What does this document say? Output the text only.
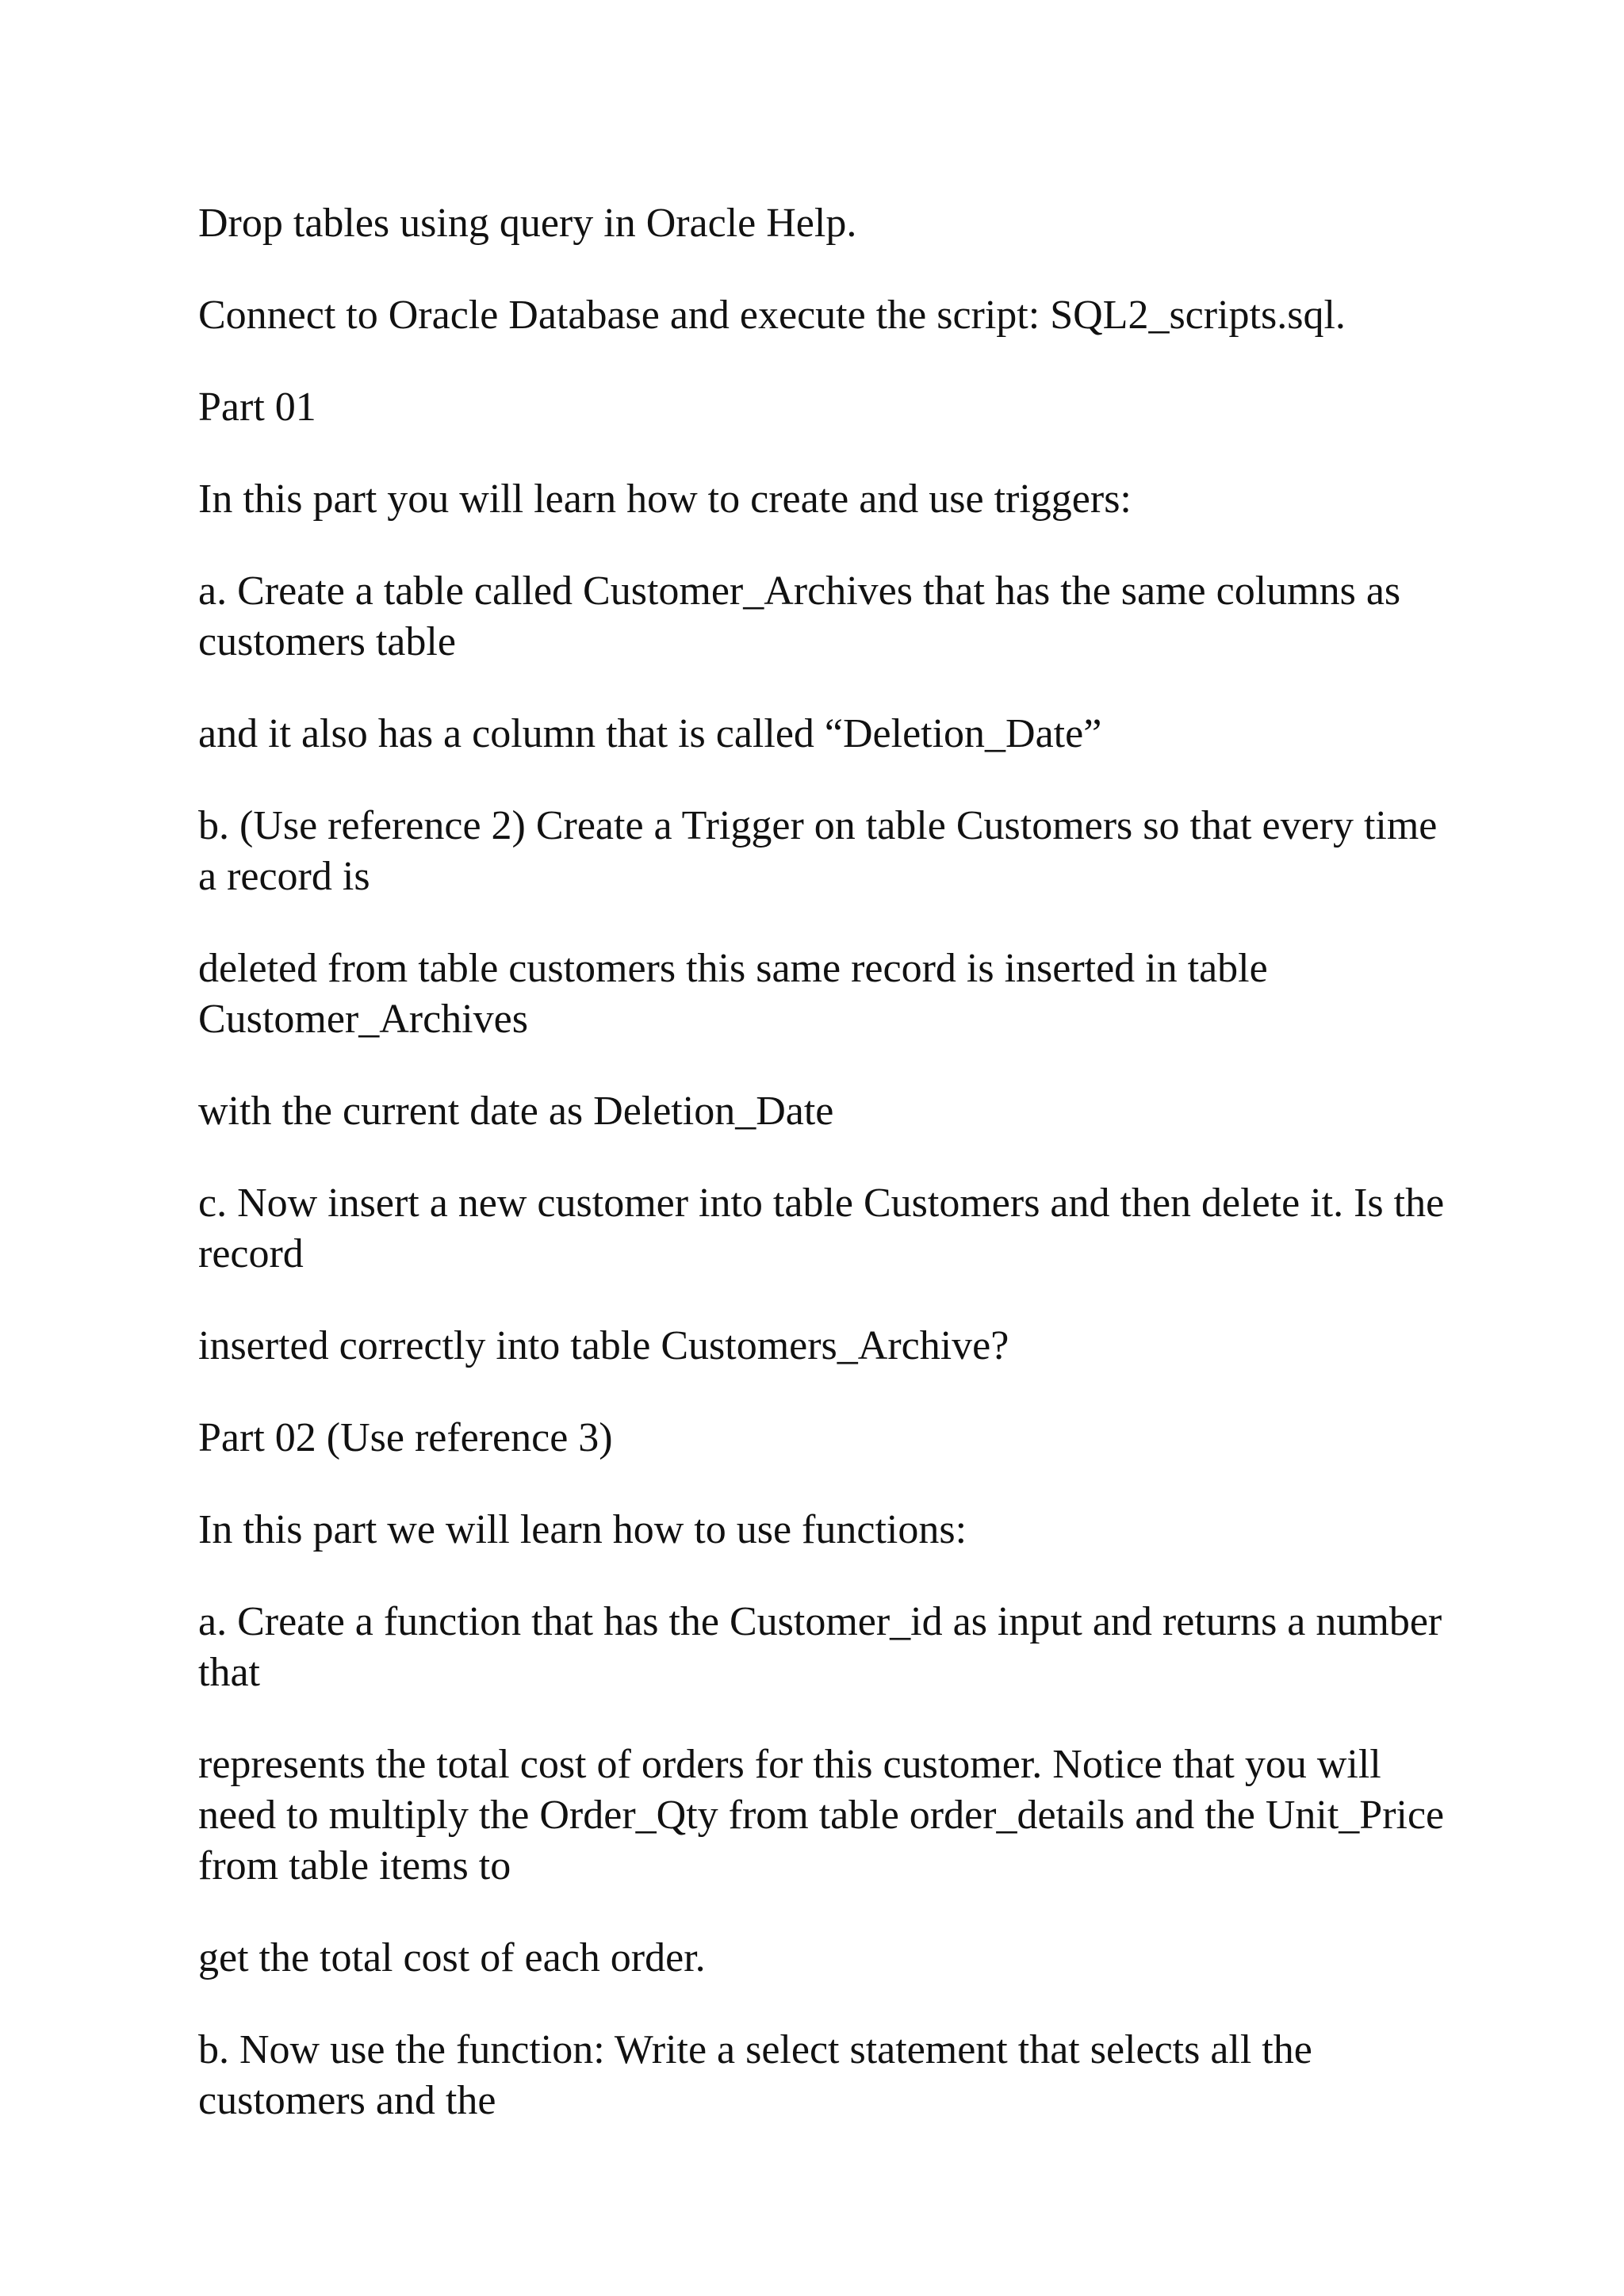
Drop tables using query in Oracle Help.

Connect to Oracle Database and execute the script: SQL2_scripts.sql.

Part 01

In this part you will learn how to create and use triggers:

a. Create a table called Customer_Archives that has the same columns as customers table

and it also has a column that is called “Deletion_Date”

b. (Use reference 2) Create a Trigger on table Customers so that every time a record is

deleted from table customers this same record is inserted in table Customer_Archives

with the current date as Deletion_Date

c. Now insert a new customer into table Customers and then delete it. Is the record

inserted correctly into table Customers_Archive?

Part 02 (Use reference 3)

In this part we will learn how to use functions:

a. Create a function that has the Customer_id as input and returns a number that

represents the total cost of orders for this customer. Notice that you will need to multiply the Order_Qty from table order_details and the Unit_Price from table items to

get the total cost of each order.

b. Now use the function: Write a select statement that selects all the customers and the
